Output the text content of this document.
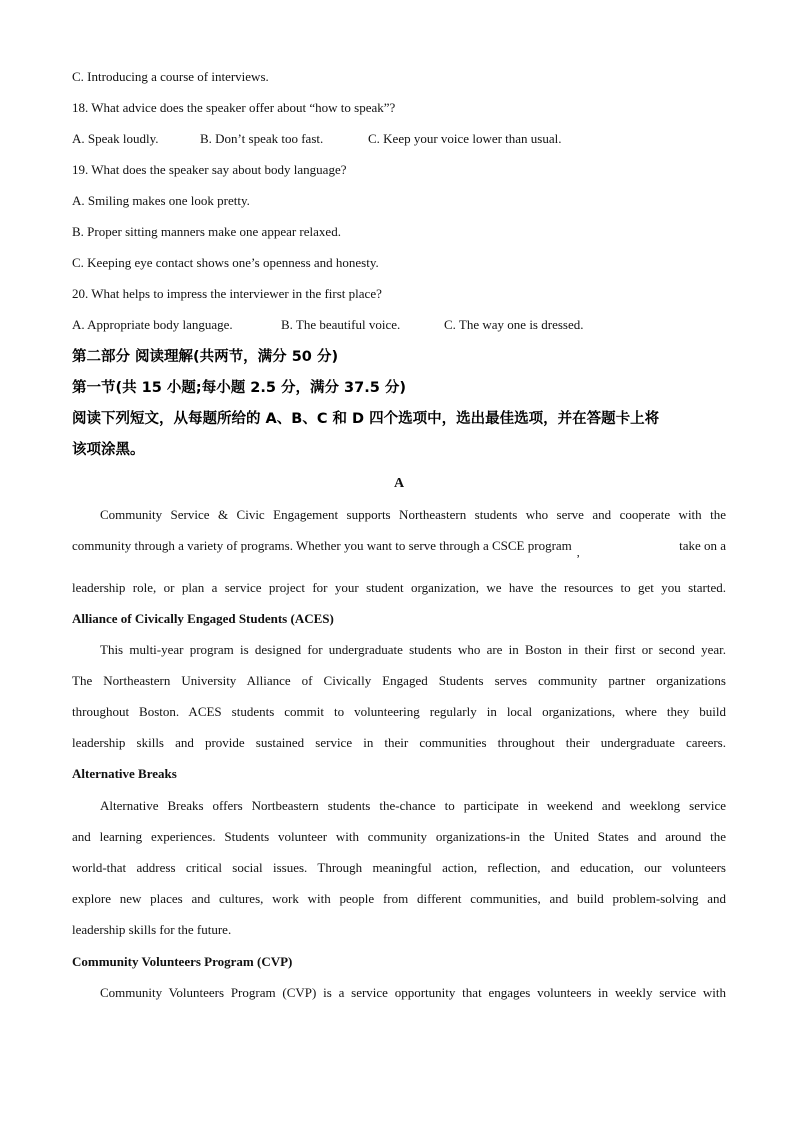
C. Introducing a course of interviews.
18. What advice does the speaker offer about “how to speak”?
A. Speak loudly.	B. Don’t speak too fast.	C. Keep your voice lower than usual.
19. What does the speaker say about body language?
A. Smiling makes one look pretty.
B. Proper sitting manners make one appear relaxed.
C. Keeping eye contact shows one’s openness and honesty.
20. What helps to impress the interviewer in the first place?
A. Appropriate body language.	B. The beautiful voice.	C. The way one is dressed.
第二部分 阅读理解(共两节，满分 50 分)
第一节(共 15 小题;每小题 2.5 分，满分 37.5 分)
阅读下列短文，从每题所给的 A、B、C 和 D 四个选项中，选出最佳选项，并在答题卡上将
该项涂黑。
A
Community Service & Civic Engagement supports Northeastern students who serve and cooperate with the
community through a variety of programs. Whether you want to serve through a CSCE program ,	take on a
leadership role, or plan a service project for your student organization, we have the resources to get you started.
Alliance of Civically Engaged Students (ACES)
This multi-year program is designed for undergraduate students who are in Boston in their first or second year.
The Northeastern University Alliance of Civically Engaged Students serves community partner organizations
throughout Boston. ACES students commit to volunteering regularly in local organizations, where they build
leadership skills and provide sustained service in their communities throughout their undergraduate careers.
Alternative Breaks
Alternative Breaks offers Nortbeastern students the-chance to participate in weekend and weeklong service
and learning experiences. Students volunteer with community organizations-in the United States and around the
world-that address critical social issues. Through meaningful action, reflection, and education, our volunteers
explore new places and cultures, work with people from different communities, and build problem-solving and
leadership skills for the future.
Community Volunteers Program (CVP)
Community Volunteers Program (CVP) is a service opportunity that engages volunteers in weekly service with
